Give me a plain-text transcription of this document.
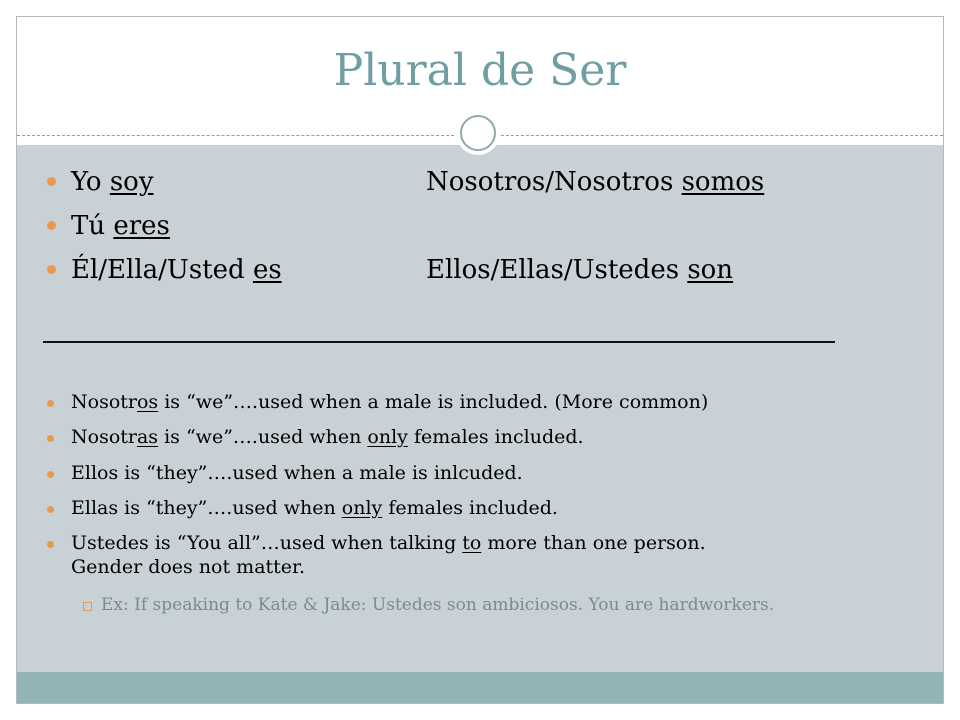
Plural de Ser
Yo soy	Nosotros/Nosotros somos
Tú eres
Él/Ella/Usted es	Ellos/Ellas/Ustedes son
Nosotros is “we”….used when a male is included. (More common)
Nosotras is “we”….used when only females included.
Ellos is “they”….used when a male is inlcuded.
Ellas is “they”….used when only females included.
Ustedes is “You all”…used when talking to more than one person.
Gender does not matter.
Ex: If speaking to Kate & Jake: Ustedes son ambiciosos. You are hardworkers.
